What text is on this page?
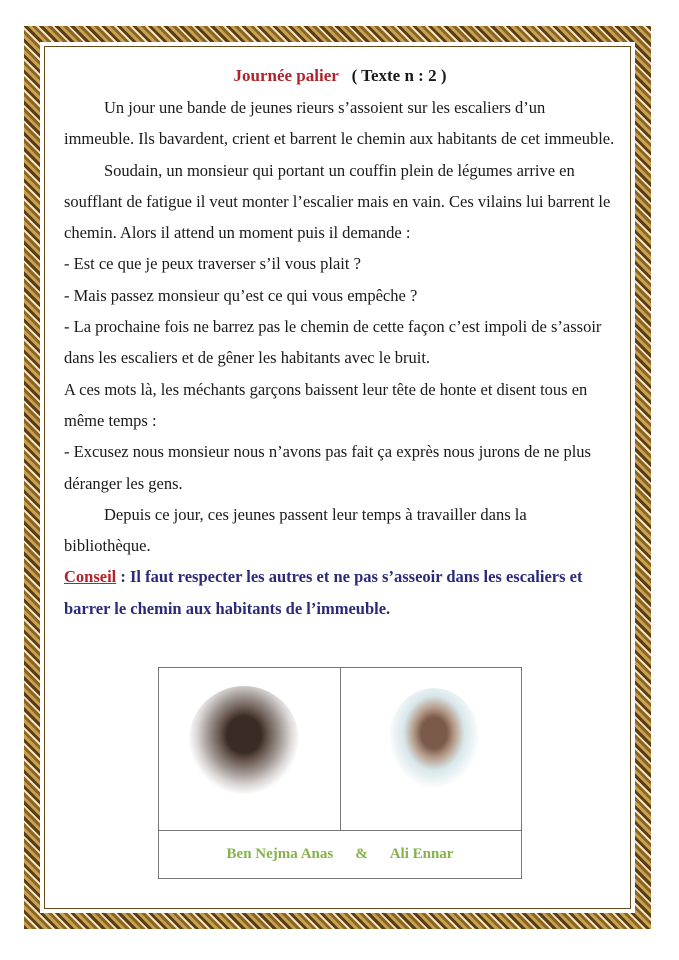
Journée palier ( Texte n : 2 )

Un jour une bande de jeunes rieurs s’assoient sur les escaliers d’un immeuble. Ils bavardent, crient et barrent le chemin aux habitants de cet immeuble.

Soudain, un monsieur qui portant un couffin plein de légumes arrive en soufflant de fatigue il veut monter l’escalier mais en vain. Ces vilains lui barrent le chemin. Alors il attend un moment puis il demande :

- Est ce que je peux traverser s’il vous plait ?

- Mais passez monsieur qu’est ce qui vous empêche ?

- La prochaine fois ne barrez pas le chemin de cette façon c’est impoli de s’assoir dans les escaliers et de gêner les habitants avec le bruit.

A ces mots là, les méchants garçons baissent leur tête de honte et disent tous en même temps :

- Excusez nous monsieur nous n’avons pas fait ça exprès nous jurons de ne plus déranger les gens.

Depuis ce jour, ces jeunes passent leur temps à travailler dans la bibliothèque.

Conseil : Il faut respecter les autres et ne pas s’asseoir dans les escaliers et barrer le chemin aux habitants de l’immeuble.

Ben Nejma Anas & Ali Ennar
